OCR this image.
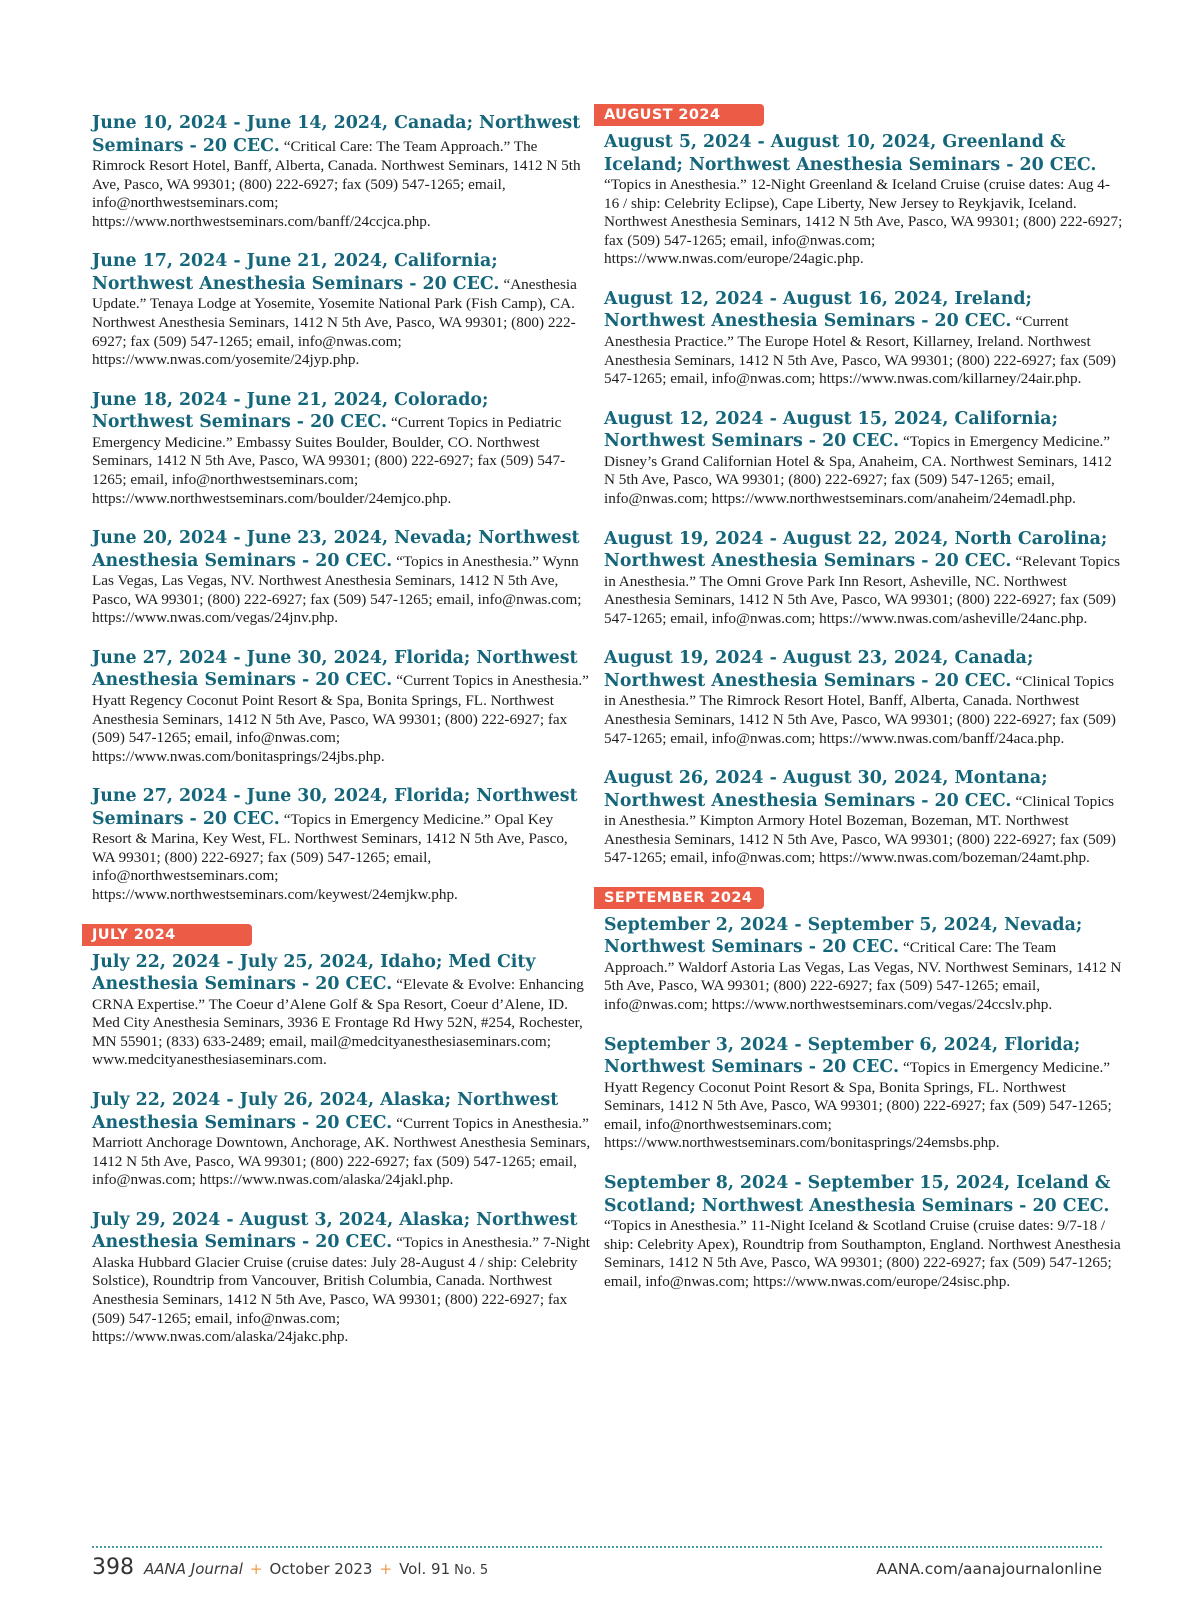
June 10, 2024 - June 14, 2024, Canada; Northwest Seminars - 20 CEC. “Critical Care: The Team Approach.” The Rimrock Resort Hotel, Banff, Alberta, Canada. Northwest Seminars, 1412 N 5th Ave, Pasco, WA 99301; (800) 222-6927; fax (509) 547-1265; email, info@northwestseminars.com; https://www.northwestseminars.com/banff/24ccjca.php.
June 17, 2024 - June 21, 2024, California; Northwest Anesthesia Seminars - 20 CEC. “Anesthesia Update.” Tenaya Lodge at Yosemite, Yosemite National Park (Fish Camp), CA. Northwest Anesthesia Seminars, 1412 N 5th Ave, Pasco, WA 99301; (800) 222-6927; fax (509) 547-1265; email, info@nwas.com; https://www.nwas.com/yosemite/24jyp.php.
June 18, 2024 - June 21, 2024, Colorado; Northwest Seminars - 20 CEC. “Current Topics in Pediatric Emergency Medicine.” Embassy Suites Boulder, Boulder, CO. Northwest Seminars, 1412 N 5th Ave, Pasco, WA 99301; (800) 222-6927; fax (509) 547-1265; email, info@northwestseminars.com; https://www.northwestseminars.com/boulder/24emjco.php.
June 20, 2024 - June 23, 2024, Nevada; Northwest Anesthesia Seminars - 20 CEC. “Topics in Anesthesia.” Wynn Las Vegas, Las Vegas, NV. Northwest Anesthesia Seminars, 1412 N 5th Ave, Pasco, WA 99301; (800) 222-6927; fax (509) 547-1265; email, info@nwas.com; https://www.nwas.com/vegas/24jnv.php.
June 27, 2024 - June 30, 2024, Florida; Northwest Anesthesia Seminars - 20 CEC. “Current Topics in Anesthesia.” Hyatt Regency Coconut Point Resort & Spa, Bonita Springs, FL. Northwest Anesthesia Seminars, 1412 N 5th Ave, Pasco, WA 99301; (800) 222-6927; fax (509) 547-1265; email, info@nwas.com; https://www.nwas.com/bonitasprings/24jbs.php.
June 27, 2024 - June 30, 2024, Florida; Northwest Seminars - 20 CEC. “Topics in Emergency Medicine.” Opal Key Resort & Marina, Key West, FL. Northwest Seminars, 1412 N 5th Ave, Pasco, WA 99301; (800) 222-6927; fax (509) 547-1265; email, info@northwestseminars.com; https://www.northwestseminars.com/keywest/24emjkw.php.
JULY 2024
July 22, 2024 - July 25, 2024, Idaho; Med City Anesthesia Seminars - 20 CEC. “Elevate & Evolve: Enhancing CRNA Expertise.” The Coeur d’Alene Golf & Spa Resort, Coeur d’Alene, ID. Med City Anesthesia Seminars, 3936 E Frontage Rd Hwy 52N, #254, Rochester, MN 55901; (833) 633-2489; email, mail@medcityanesthesiaseminars.com; www.medcityanesthesiaseminars.com.
July 22, 2024 - July 26, 2024, Alaska; Northwest Anesthesia Seminars - 20 CEC. “Current Topics in Anesthesia.” Marriott Anchorage Downtown, Anchorage, AK. Northwest Anesthesia Seminars, 1412 N 5th Ave, Pasco, WA 99301; (800) 222-6927; fax (509) 547-1265; email, info@nwas.com; https://www.nwas.com/alaska/24jakl.php.
July 29, 2024 - August 3, 2024, Alaska; Northwest Anesthesia Seminars - 20 CEC. “Topics in Anesthesia.” 7-Night Alaska Hubbard Glacier Cruise (cruise dates: July 28-August 4 / ship: Celebrity Solstice), Roundtrip from Vancouver, British Columbia, Canada. Northwest Anesthesia Seminars, 1412 N 5th Ave, Pasco, WA 99301; (800) 222-6927; fax (509) 547-1265; email, info@nwas.com; https://www.nwas.com/alaska/24jakc.php.
AUGUST 2024
August 5, 2024 - August 10, 2024, Greenland & Iceland; Northwest Anesthesia Seminars - 20 CEC. “Topics in Anesthesia.” 12-Night Greenland & Iceland Cruise (cruise dates: Aug 4-16 / ship: Celebrity Eclipse), Cape Liberty, New Jersey to Reykjavik, Iceland. Northwest Anesthesia Seminars, 1412 N 5th Ave, Pasco, WA 99301; (800) 222-6927; fax (509) 547-1265; email, info@nwas.com; https://www.nwas.com/europe/24agic.php.
August 12, 2024 - August 16, 2024, Ireland; Northwest Anesthesia Seminars - 20 CEC. “Current Anesthesia Practice.” The Europe Hotel & Resort, Killarney, Ireland. Northwest Anesthesia Seminars, 1412 N 5th Ave, Pasco, WA 99301; (800) 222-6927; fax (509) 547-1265; email, info@nwas.com; https://www.nwas.com/killarney/24air.php.
August 12, 2024 - August 15, 2024, California; Northwest Seminars - 20 CEC. “Topics in Emergency Medicine.” Disney’s Grand Californian Hotel & Spa, Anaheim, CA. Northwest Seminars, 1412 N 5th Ave, Pasco, WA 99301; (800) 222-6927; fax (509) 547-1265; email, info@nwas.com; https://www.northwestseminars.com/anaheim/24emadl.php.
August 19, 2024 - August 22, 2024, North Carolina; Northwest Anesthesia Seminars - 20 CEC. “Relevant Topics in Anesthesia.” The Omni Grove Park Inn Resort, Asheville, NC. Northwest Anesthesia Seminars, 1412 N 5th Ave, Pasco, WA 99301; (800) 222-6927; fax (509) 547-1265; email, info@nwas.com; https://www.nwas.com/asheville/24anc.php.
August 19, 2024 - August 23, 2024, Canada; Northwest Anesthesia Seminars - 20 CEC. “Clinical Topics in Anesthesia.” The Rimrock Resort Hotel, Banff, Alberta, Canada. Northwest Anesthesia Seminars, 1412 N 5th Ave, Pasco, WA 99301; (800) 222-6927; fax (509) 547-1265; email, info@nwas.com; https://www.nwas.com/banff/24aca.php.
August 26, 2024 - August 30, 2024, Montana; Northwest Anesthesia Seminars - 20 CEC. “Clinical Topics in Anesthesia.” Kimpton Armory Hotel Bozeman, Bozeman, MT. Northwest Anesthesia Seminars, 1412 N 5th Ave, Pasco, WA 99301; (800) 222-6927; fax (509) 547-1265; email, info@nwas.com; https://www.nwas.com/bozeman/24amt.php.
SEPTEMBER 2024
September 2, 2024 - September 5, 2024, Nevada; Northwest Seminars - 20 CEC. “Critical Care: The Team Approach.” Waldorf Astoria Las Vegas, Las Vegas, NV. Northwest Seminars, 1412 N 5th Ave, Pasco, WA 99301; (800) 222-6927; fax (509) 547-1265; email, info@nwas.com; https://www.northwestseminars.com/vegas/24ccslv.php.
September 3, 2024 - September 6, 2024, Florida; Northwest Seminars - 20 CEC. “Topics in Emergency Medicine.” Hyatt Regency Coconut Point Resort & Spa, Bonita Springs, FL. Northwest Seminars, 1412 N 5th Ave, Pasco, WA 99301; (800) 222-6927; fax (509) 547-1265; email, info@northwestseminars.com; https://www.northwestseminars.com/bonitasprings/24emsbs.php.
September 8, 2024 - September 15, 2024, Iceland & Scotland; Northwest Anesthesia Seminars - 20 CEC. “Topics in Anesthesia.” 11-Night Iceland & Scotland Cruise (cruise dates: 9/7-18 / ship: Celebrity Apex), Roundtrip from Southampton, England. Northwest Anesthesia Seminars, 1412 N 5th Ave, Pasco, WA 99301; (800) 222-6927; fax (509) 547-1265; email, info@nwas.com; https://www.nwas.com/europe/24sisc.php.
398 AANA Journal + October 2023 + Vol. 91 No. 5	AANA.com/aanajournalonline
